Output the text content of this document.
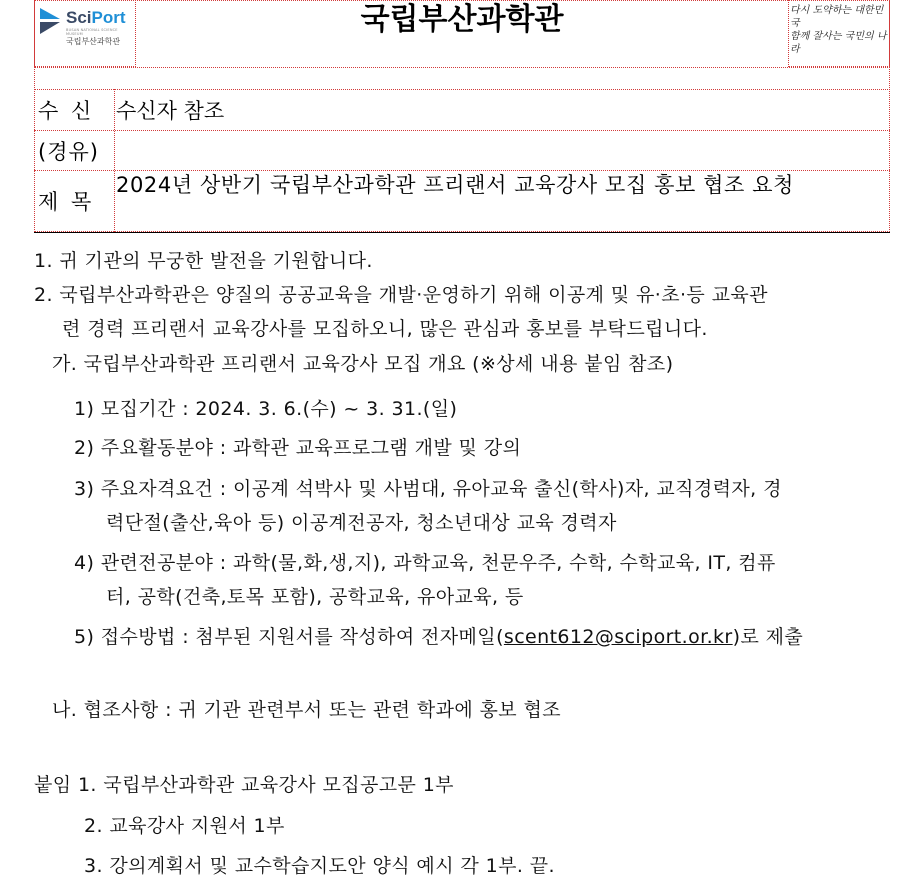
SciPort
BUSAN NATIONAL SCIENCE MUSEUM
국립부산과학관
국립부산과학관	다시 도약하는 대한민국
함께 잘사는 국민의 나라
수 신 수신자 참조
(경유)
제 목
2024년 상반기 국립부산과학관 프리랜서 교육강사 모집 홍보 협조 요청
1. 귀 기관의 무궁한 발전을 기원합니다.
2. 국립부산과학관은 양질의 공공교육을 개발·운영하기 위해 이공계 및 유·초·등 교육관
련 경력 프리랜서 교육강사를 모집하오니, 많은 관심과 홍보를 부탁드립니다.
가. 국립부산과학관 프리랜서 교육강사 모집 개요 (※상세 내용 붙임 참조)
1) 모집기간 : 2024. 3. 6.(수) ~ 3. 31.(일)
2) 주요활동분야 : 과학관 교육프로그램 개발 및 강의
3) 주요자격요건 : 이공계 석박사 및 사범대, 유아교육 출신(학사)자, 교직경력자, 경
력단절(출산,육아 등) 이공계전공자, 청소년대상 교육 경력자
4) 관련전공분야 : 과학(물,화,생,지), 과학교육, 천문우주, 수학, 수학교육, IT, 컴퓨
터, 공학(건축,토목 포함), 공학교육, 유아교육, 등
5) 접수방법 : 첨부된 지원서를 작성하여 전자메일(scent612@sciport.or.kr)로 제출
나. 협조사항 : 귀 기관 관련부서 또는 관련 학과에 홍보 협조
붙임 1. 국립부산과학관 교육강사 모집공고문 1부
2. 교육강사 지원서 1부
3. 강의계획서 및 교수학습지도안 양식 예시 각 1부. 끝.
